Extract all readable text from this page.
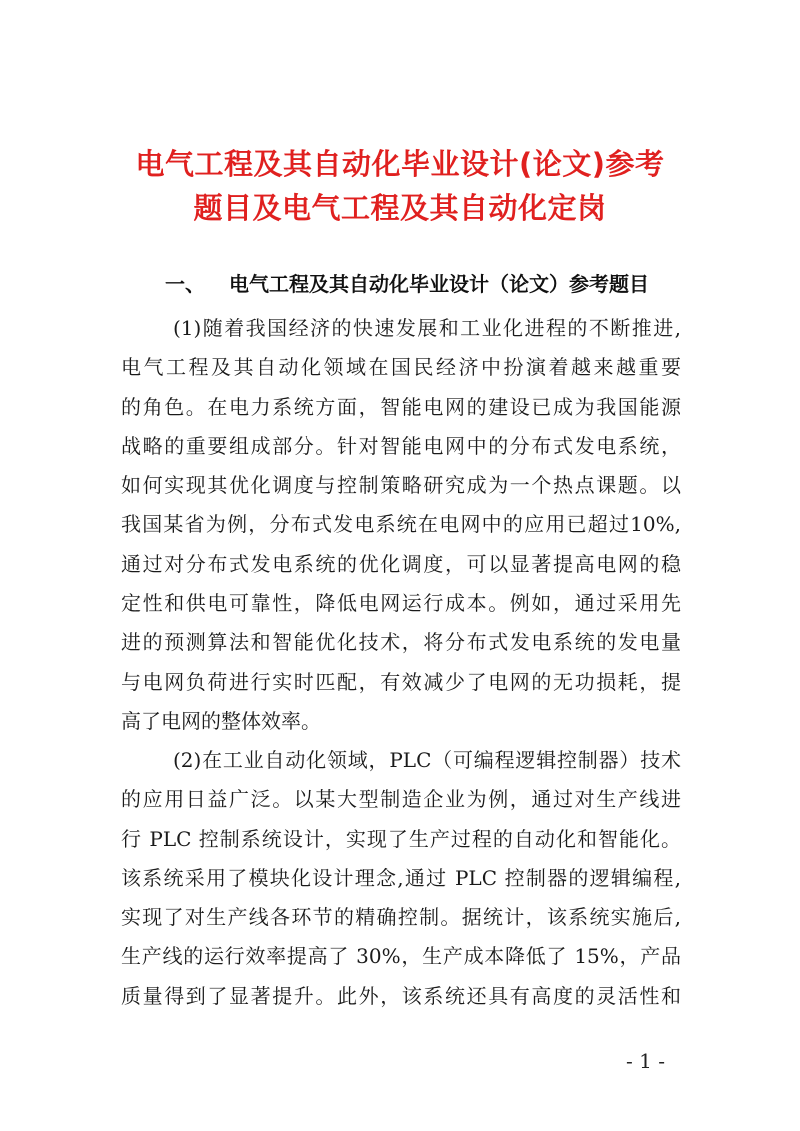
电气工程及其自动化毕业设计(论文)参考
题目及电气工程及其自动化定岗
一、 电气工程及其自动化毕业设计（论文）参考题目
(1)随着我国经济的快速发展和工业化进程的不断推进,
电气工程及其自动化领域在国民经济中扮演着越来越重要
的角色。在电力系统方面，智能电网的建设已成为我国能源
战略的重要组成部分。针对智能电网中的分布式发电系统，
如何实现其优化调度与控制策略研究成为一个热点课题。以
我国某省为例，分布式发电系统在电网中的应用已超过10%,
通过对分布式发电系统的优化调度，可以显著提高电网的稳
定性和供电可靠性，降低电网运行成本。例如，通过采用先
进的预测算法和智能优化技术，将分布式发电系统的发电量
与电网负荷进行实时匹配，有效减少了电网的无功损耗，提
高了电网的整体效率。
(2)在工业自动化领域，PLC（可编程逻辑控制器）技术
的应用日益广泛。以某大型制造企业为例，通过对生产线进
行 PLC 控制系统设计，实现了生产过程的自动化和智能化。
该系统采用了模块化设计理念,通过 PLC 控制器的逻辑编程,
实现了对生产线各环节的精确控制。据统计，该系统实施后,
生产线的运行效率提高了 30%，生产成本降低了 15%，产品
质量得到了显著提升。此外，该系统还具有高度的灵活性和
- 1 -
